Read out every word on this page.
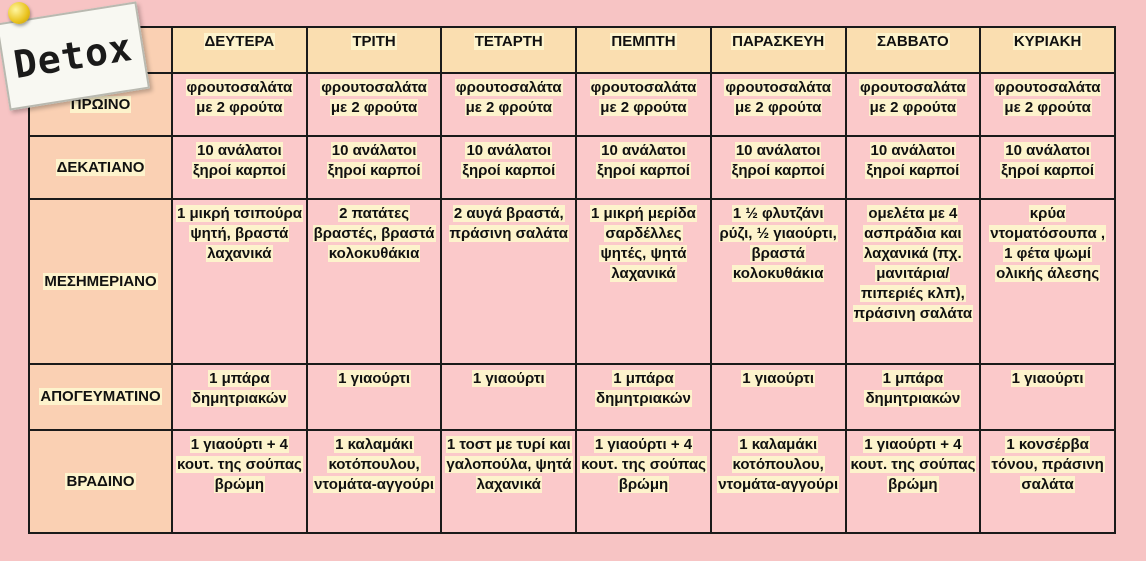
	ΔΕΥΤΕΡΑ	ΤΡΙΤΗ	ΤΕΤΑΡΤΗ	ΠΕΜΠΤΗ	ΠΑΡΑΣΚΕΥΗ	ΣΑΒΒΑΤΟ	ΚΥΡΙΑΚΗ
ΠΡΩΙΝΟ	φρουτοσαλάτα με 2 φρούτα	φρουτοσαλάτα με 2 φρούτα	φρουτοσαλάτα με 2 φρούτα	φρουτοσαλάτα με 2 φρούτα	φρουτοσαλάτα με 2 φρούτα	φρουτοσαλάτα με 2 φρούτα	φρουτοσαλάτα με 2 φρούτα
ΔΕΚΑΤΙΑΝΟ	10 ανάλατοι ξηροί καρποί	10 ανάλατοι ξηροί καρποί	10 ανάλατοι ξηροί καρποί	10 ανάλατοι ξηροί καρποί	10 ανάλατοι ξηροί καρποί	10 ανάλατοι ξηροί καρποί	10 ανάλατοι ξηροί καρποί
ΜΕΣΗΜΕΡΙΑΝΟ	1 μικρή τσιπούρα ψητή, βραστά λαχανικά	2 πατάτες βραστές, βραστά κολοκυθάκια	2 αυγά βραστά, πράσινη σαλάτα	1 μικρή μερίδα σαρδέλλες ψητές, ψητά λαχανικά	1 ½ φλυτζάνι ρύζι, ½ γιαούρτι, βραστά κολοκυθάκια	ομελέτα με 4 ασπράδια και λαχανικά (πχ. μανιτάρια/ πιπεριές κλπ), πράσινη σαλάτα	κρύα ντοματόσουπα , 1 φέτα ψωμί ολικής άλεσης
ΑΠΟΓΕΥΜΑΤΙΝΟ	1 μπάρα δημητριακών	1 γιαούρτι	1 γιαούρτι	1 μπάρα δημητριακών	1 γιαούρτι	1 μπάρα δημητριακών	1 γιαούρτι
ΒΡΑΔΙΝΟ	1 γιαούρτι + 4 κουτ. της σούπας βρώμη	1 καλαμάκι κοτόπουλου, ντομάτα-αγγούρι	1 τοστ με τυρί και γαλοπούλα, ψητά λαχανικά	1 γιαούρτι + 4 κουτ. της σούπας βρώμη	1 καλαμάκι κοτόπουλου, ντομάτα-αγγούρι	1 γιαούρτι + 4 κουτ. της σούπας βρώμη	1 κονσέρβα τόνου, πράσινη σαλάτα
Detox
